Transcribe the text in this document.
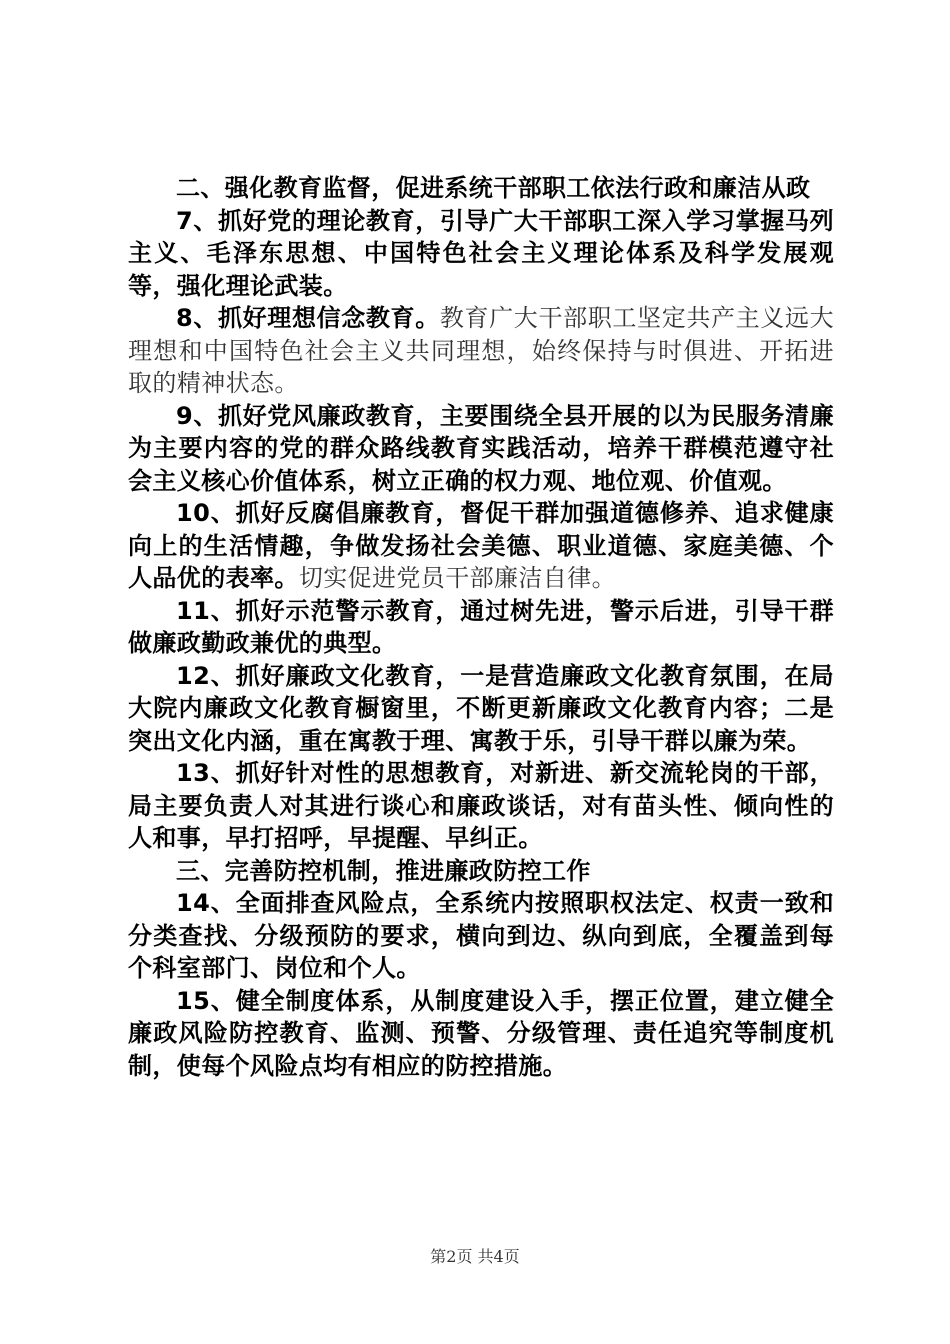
二、强化教育监督，促进系统干部职工依法行政和廉洁从政

7、抓好党的理论教育，引导广大干部职工深入学习掌握马列主义、毛泽东思想、中国特色社会主义理论体系及科学发展观等，强化理论武装。

8、抓好理想信念教育。教育广大干部职工坚定共产主义远大理想和中国特色社会主义共同理想，始终保持与时俱进、开拓进取的精神状态。

9、抓好党风廉政教育，主要围绕全县开展的以为民服务清廉为主要内容的党的群众路线教育实践活动，培养干群模范遵守社会主义核心价值体系，树立正确的权力观、地位观、价值观。

10、抓好反腐倡廉教育，督促干群加强道德修养、追求健康向上的生活情趣，争做发扬社会美德、职业道德、家庭美德、个人品优的表率。切实促进党员干部廉洁自律。

11、抓好示范警示教育，通过树先进，警示后进，引导干群做廉政勤政兼优的典型。

12、抓好廉政文化教育，一是营造廉政文化教育氛围，在局大院内廉政文化教育橱窗里，不断更新廉政文化教育内容；二是突出文化内涵，重在寓教于理、寓教于乐，引导干群以廉为荣。

13、抓好针对性的思想教育，对新进、新交流轮岗的干部，局主要负责人对其进行谈心和廉政谈话，对有苗头性、倾向性的人和事，早打招呼，早提醒、早纠正。

三、完善防控机制，推进廉政防控工作

14、全面排查风险点，全系统内按照职权法定、权责一致和分类查找、分级预防的要求，横向到边、纵向到底，全覆盖到每个科室部门、岗位和个人。

15、健全制度体系，从制度建设入手，摆正位置，建立健全廉政风险防控教育、监测、预警、分级管理、责任追究等制度机制，使每个风险点均有相应的防控措施。

第2页 共4页
